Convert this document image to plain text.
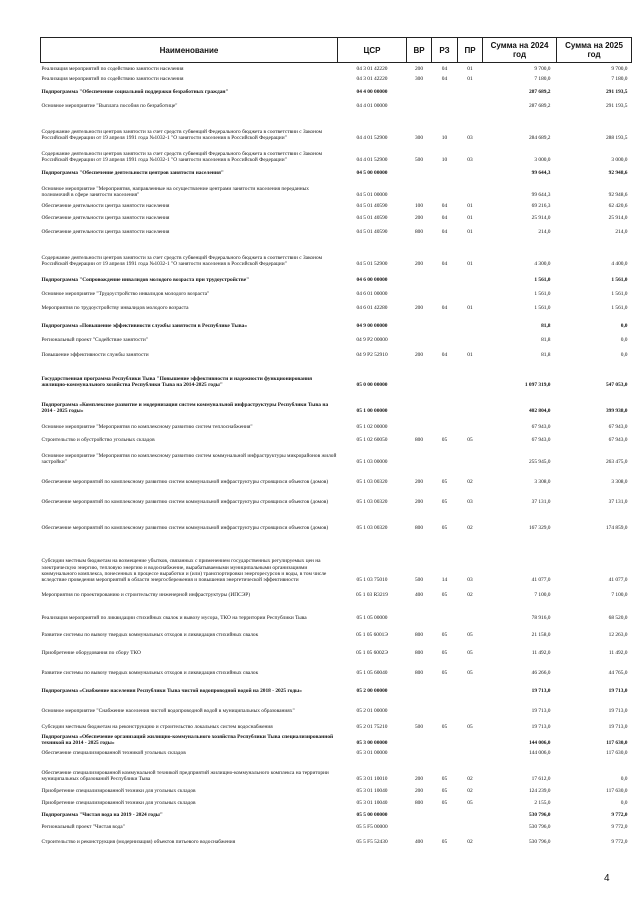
Наименование	ЦСР	ВР	РЗ	ПР	Сумма на 2024 год	Сумма на 2025 год
Реализация мероприятий по содействию занятости населения	04 3 01 42220	200	04	01	9 700,0	9 700,0
Реализация мероприятий по содействию занятости населения	04 3 01 42220	300	04	01	7 180,0	7 180,0
Подпрограмма "Обеспечение социальной поддержки безработных граждан"	04 4 00 00000				287 689,2	291 193,5
Основное мероприятие "Выплата пособия по безработице"	04 4 01 00000				287 689,2	291 193,5
Содержание деятельности центров занятости за счет средств субвенций Федерального бюджета в соответствии с Законом Российской Федерации от 19 апреля 1991 года №1032-1 "О занятости населения в Российской Федерации"	04 4 01 52900	300	10	03	284 689,2	288 193,5
Содержание деятельности центров занятости за счет средств субвенций Федерального бюджета в соответствии с Законом Российской Федерации от 19 апреля 1991 года №1032-1 "О занятости населения в Российской Федерации"	04 4 01 52900	500	10	03	3 000,0	3 000,0
Подпрограмма "Обеспечение деятельности центров занятости населения"	04 5 00 00000				99 644,3	92 948,6
Основное мероприятие "Мероприятия, направленные на осуществление центрами занятости населения переданных полномочий в сфере занятости населения"	04 5 01 00000				99 644,3	92 948,6
Обеспечение деятельности центра занятости населения	04 5 01 40590	100	04	01	69 216,3	62 420,6
Обеспечение деятельности центра занятости населения	04 5 01 40590	200	04	01	25 914,0	25 914,0
Обеспечение деятельности центра занятости населения	04 5 01 40590	800	04	01	214,0	214,0
Содержание деятельности центров занятости за счет средств субвенций Федерального бюджета в соответствии с Законом Российской Федерации от 19 апреля 1991 года №1032-1 "О занятости населения в Российской Федерации"	04 5 01 52900	200	04	01	4 300,0	4 400,0
Подпрограмма "Сопровождение инвалидов молодого возраста при трудоустройстве"	04 6 00 00000				1 561,0	1 561,0
Основное мероприятие "Трудоустройство инвалидов молодого возраста"	04 6 01 00000				1 561,0	1 561,0
Мероприятия по трудоустройству инвалидов молодого возраста	04 6 01 42280	200	04	01	1 561,0	1 561,0
Подпрограмма «Повышение эффективности службы занятости в Республике Тыва»	04 9 00 00000				81,8	0,0
Региональный проект "Содействие занятости"	04 9 P2 00000				81,8	0,0
Повышение эффективности службы занятости	04 9 P2 52910	200	04	01	81,8	0,0
Государственная программа Республики Тыва "Повышение эффективности и надежности функционирования жилищно-коммунального хозяйства Республики Тыва на 2014-2025 годы"	05 0 00 00000				1 097 319,0	547 053,0
Подпрограмма «Комплексное развитие и модернизация систем коммунальной инфраструктуры Республики Тыва на 2014 - 2025 годы»	05 1 00 00000				402 804,0	399 938,0
Основное мероприятие "Мероприятия по комплексному развитию систем теплоснабжения"	05 1 02 00000				67 943,0	67 943,0
Строительство и обустройство угольных складов	05 1 02 60050	800	05	05	67 943,0	67 943,0
Основное мероприятие "Мероприятия по комплексному развитию систем коммунальной инфраструктуры микрорайонов жилой застройки"	05 1 03 00000				255 945,0	263 475,0
Обеспечение мероприятий по комплексному развитию систем коммунальной инфраструктуры строящихся объектов (домов)	05 1 03 00320	200	05	02	3 308,0	3 308,0
Обеспечение мероприятий по комплексному развитию систем коммунальной инфраструктуры строящихся объектов (домов)	05 1 03 00320	200	05	03	37 131,0	37 131,0
Обеспечение мероприятий по комплексному развитию систем коммунальной инфраструктуры строящихся объектов (домов)	05 1 03 00320	800	05	02	167 329,0	174 859,0
Субсидии местным бюджетам на возмещение убытков, связанных с применением государственных регулируемых цен на электрическую энергию, тепловую энергию и водоснабжение, вырабатываемыми муниципальными организациями коммунального комплекса, понесенных в процессе выработки и (или) транспортировки энергоресурсов и воды, в том числе вследствие проведения мероприятий в области энергосбережения и повышения энергетической эффективности	05 1 03 75010	500	14	03	41 077,0	41 077,0
Мероприятия по проектированию и строительству инженерной инфраструктуры (ИПСЭР)	05 1 03 R3219	400	05	02	7 100,0	7 100,0
Реализация мероприятий по ликвидации стихийных свалок и вывозу мусора, ТКО на территории Республики Тыва	05 1 05 00000				78 916,0	68 520,0
Развитие системы по вывозу твердых коммунальных отходов и ликвидация стихийных свалок	05 1 05 6001Э	800	05	05	21 158,0	12 263,0
Приобретение оборудования по сбору ТКО	05 1 05 6002Э	800	05	05	11 492,0	11 492,0
Развитие системы по вывозу твердых коммунальных отходов и ликвидация стихийных свалок	05 1 05 60040	800	05	05	46 266,0	44 765,0
Подпрограмма «Снабжение населения Республики Тыва чистой водопроводной водой на 2018 - 2025 годы»	05 2 00 00000				19 713,0	19 713,0
Основное мероприятие "Снабжение населения чистой водопроводной водой в муниципальных образованиях"	05 2 01 00000				19 713,0	19 713,0
Субсидии местным бюджетам на реконструкцию и строительство локальных систем водоснабжения	05 2 01 75210	500	05	05	19 713,0	19 713,0
Подпрограмма «Обеспечение организаций жилищно-коммунального хозяйства Республики Тыва специализированной техникой на 2014 - 2025 годы»	05 3 00 00000				144 006,0	117 630,0
Обеспечение специализированной техникой угольных складов	05 3 01 00000				144 006,0	117 630,0
Обеспечение специализированной коммунальной техникой предприятий жилищно-коммунального комплекса на территории муниципальных образований Республики Тыва	05 3 01 10010	200	05	02	17 612,0	0,0
Приобретение специализированной техники для угольных складов	05 3 01 10040	200	05	02	124 239,0	117 630,0
Приобретение специализированной техники для угольных складов	05 3 01 10040	800	05	05	2 155,0	0,0
Подпрограмма "Чистая вода на 2019 - 2024 годы"	05 5 00 00000				530 796,0	9 772,0
Региональный проект "Чистая вода"	05 5 F5 00000				530 796,0	9 772,0
Строительство и реконструкция (модернизация) объектов питьевого водоснабжения	05 5 F5 52430	400	05	02	530 796,0	9 772,0
4
